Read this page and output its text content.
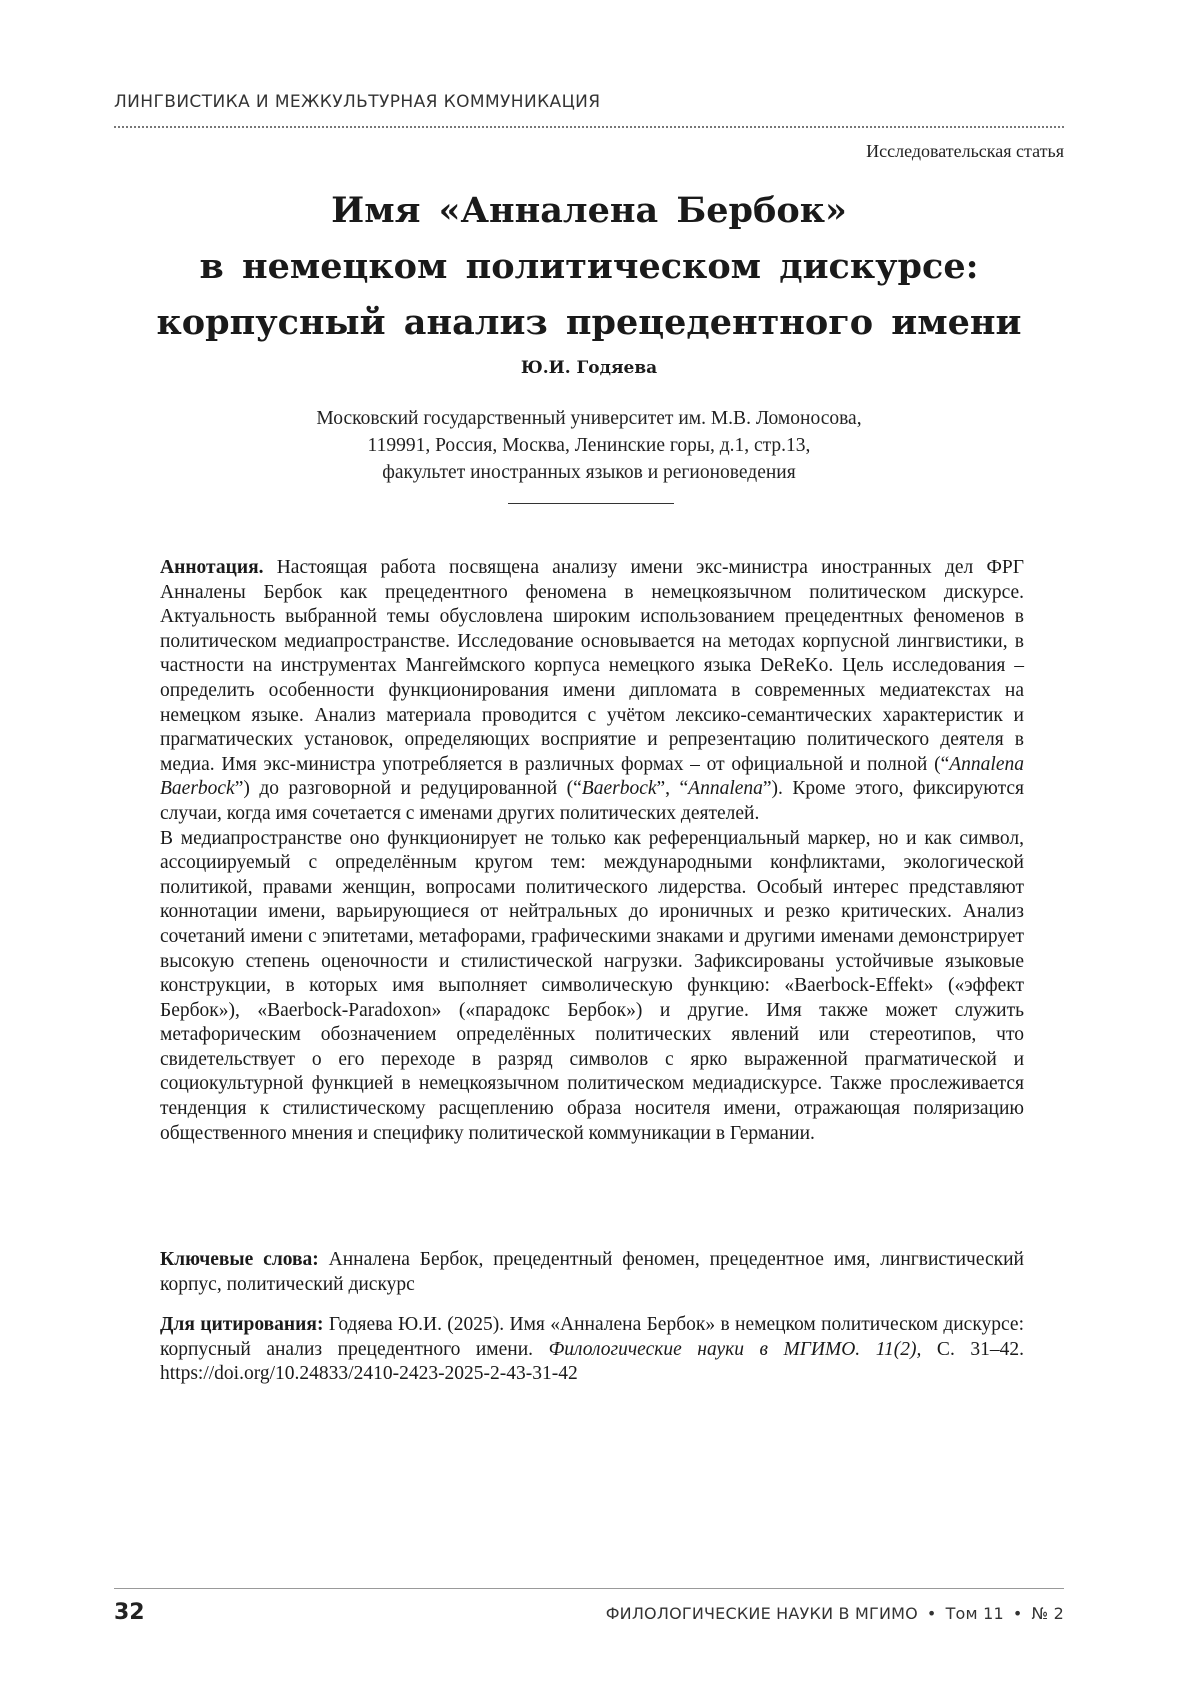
ЛИНГВИСТИКА И МЕЖКУЛЬТУРНАЯ КОММУНИКАЦИЯ
Исследовательская статья
Имя «Анналена Бербок»
в немецком политическом дискурсе:
корпусный анализ прецедентного имени
Ю.И. Годяева
Московский государственный университет им. М.В. Ломоносова,
119991, Россия, Москва, Ленинские горы, д.1, стр.13,
факультет иностранных языков и регионоведения

Аннотация. Настоящая работа посвящена анализу имени экс-министра иностранных дел ФРГ Анналены Бербок как прецедентного феномена в немецкоязычном политическом дискурсе. Актуальность выбранной темы обусловлена широким использованием прецедентных феноменов в политическом медиапространстве. Исследование основывается на методах корпусной лингвистики, в частности на инструментах Мангеймского корпуса немецкого языка DeReKo. Цель исследования – определить особенности функционирования имени дипломата в современных медиатекстах на немецком языке. Анализ материала проводится с учётом лексико-семантических характеристик и прагматических установок, определяющих восприятие и репрезентацию политического деятеля в медиа. Имя экс-министра употребляется в различных формах – от официальной и полной (“Annalena Baerbock”) до разговорной и редуцированной (“Baerbock”, “Annalena”). Кроме этого, фиксируются случаи, когда имя сочетается с именами других политических деятелей.

В медиапространстве оно функционирует не только как референциальный маркер, но и как символ, ассоциируемый с определённым кругом тем: международными конфликтами, экологической политикой, правами женщин, вопросами политического лидерства. Особый интерес представляют коннотации имени, варьирующиеся от нейтральных до ироничных и резко критических. Анализ сочетаний имени с эпитетами, метафорами, графическими знаками и другими именами демонстрирует высокую степень оценочности и стилистической нагрузки. Зафиксированы устойчивые языковые конструкции, в которых имя выполняет символическую функцию: «Baerbock-Effekt» («эффект Бербок»), «Baerbock-Paradoxon» («парадокс Бербок») и другие. Имя также может служить метафорическим обозначением определённых политических явлений или стереотипов, что свидетельствует о его переходе в разряд символов с ярко выраженной прагматической и социокультурной функцией в немецкоязычном политическом медиадискурсе. Также прослеживается тенденция к стилистическому расщеплению образа носителя имени, отражающая поляризацию общественного мнения и специфику политической коммуникации в Германии.

Ключевые слова: Анналена Бербок, прецедентный феномен, прецедентное имя, лингвистический корпус, политический дискурс
Для цитирования: Годяева Ю.И. (2025). Имя «Анналена Бербок» в немецком политическом дискурсе: корпусный анализ прецедентного имени. Филологические науки в МГИМО. 11(2), С. 31–42. https://doi.org/10.24833/2410-2423-2025-2-43-31-42
32	ФИЛОЛОГИЧЕСКИЕ НАУКИ В МГИМО • Том 11 • № 2
